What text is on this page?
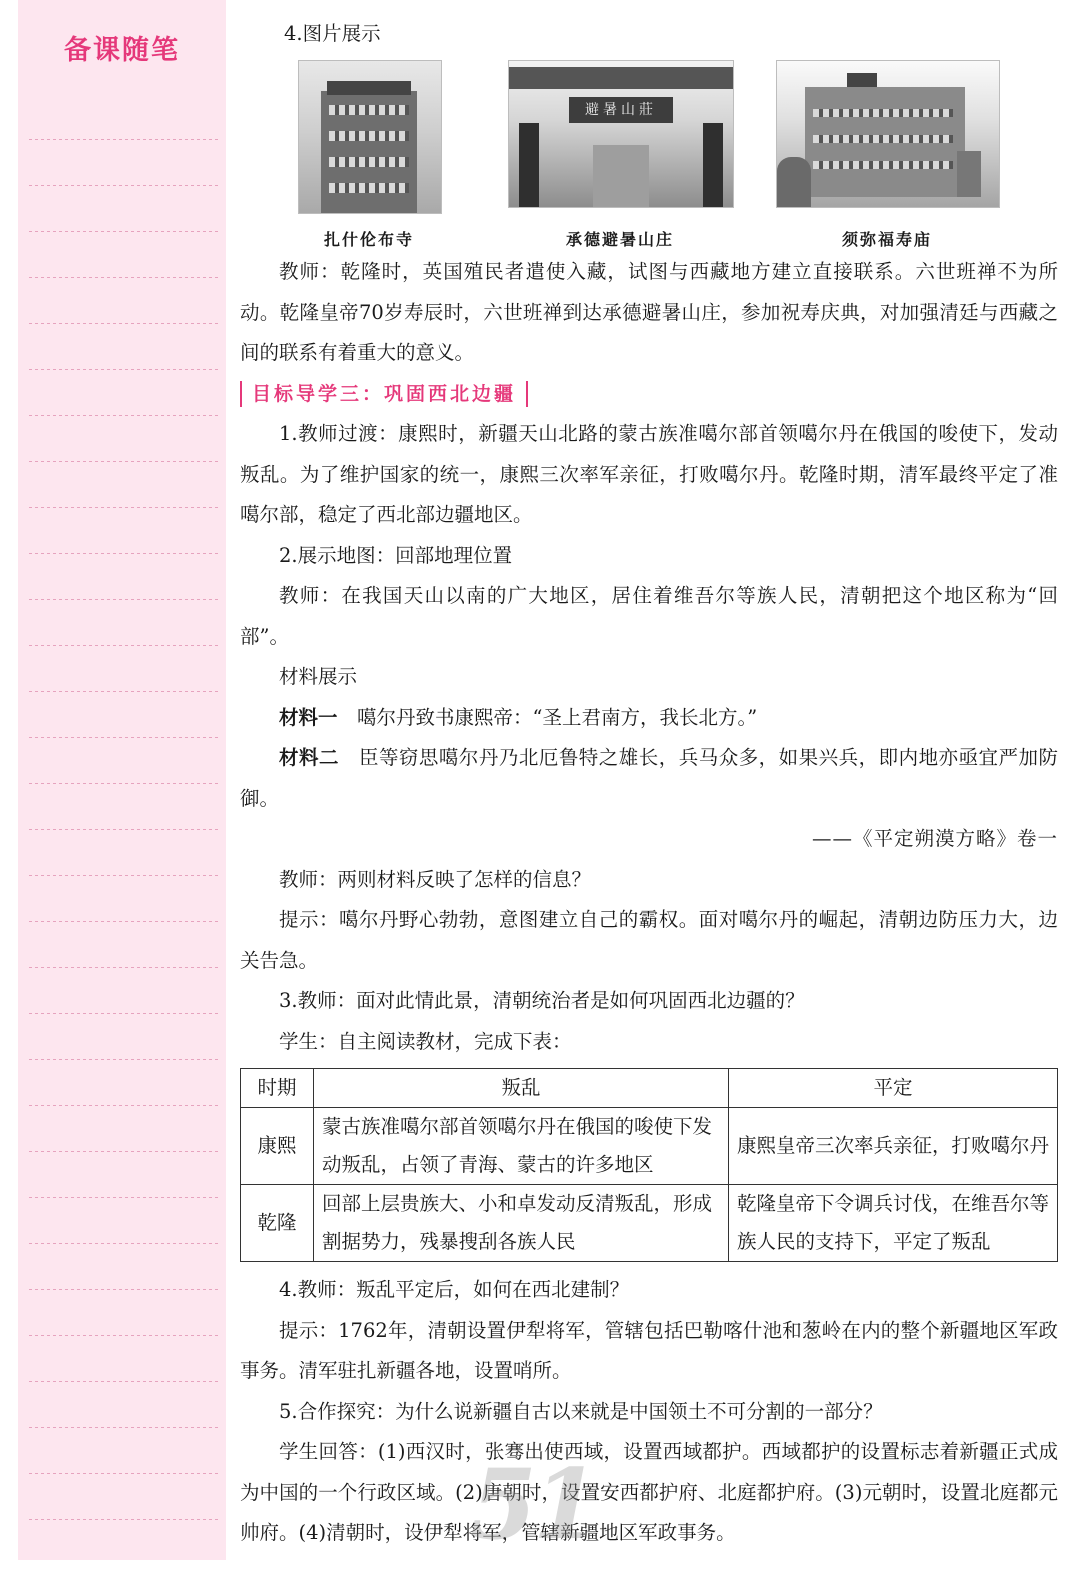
备课随笔
4.图片展示
扎什伦布寺
避暑山莊
承德避暑山庄	须弥福寿庙

教师：乾隆时，英国殖民者遣使入藏，试图与西藏地方建立直接联系。六世班禅不为所动。乾隆皇帝70岁寿辰时，六世班禅到达承德避暑山庄，参加祝寿庆典，对加强清廷与西藏之间的联系有着重大的意义。

目标导学三：巩固西北边疆

1.教师过渡：康熙时，新疆天山北路的蒙古族准噶尔部首领噶尔丹在俄国的唆使下，发动叛乱。为了维护国家的统一，康熙三次率军亲征，打败噶尔丹。乾隆时期，清军最终平定了准噶尔部，稳定了西北部边疆地区。

2.展示地图：回部地理位置

教师：在我国天山以南的广大地区，居住着维吾尔等族人民，清朝把这个地区称为“回部”。

材料展示

材料一  噶尔丹致书康熙帝：“圣上君南方，我长北方。”

材料二  臣等窃思噶尔丹乃北厄鲁特之雄长，兵马众多，如果兴兵，即内地亦亟宜严加防御。

——《平定朔漠方略》卷一

教师：两则材料反映了怎样的信息？

提示：噶尔丹野心勃勃，意图建立自己的霸权。面对噶尔丹的崛起，清朝边防压力大，边关告急。

3.教师：面对此情此景，清朝统治者是如何巩固西北边疆的？

学生：自主阅读教材，完成下表：

时期	叛乱	平定
康熙	蒙古族准噶尔部首领噶尔丹在俄国的唆使下发动叛乱，占领了青海、蒙古的许多地区	康熙皇帝三次率兵亲征，打败噶尔丹
乾隆	回部上层贵族大、小和卓发动反清叛乱，形成割据势力，残暴搜刮各族人民	乾隆皇帝下令调兵讨伐，在维吾尔等族人民的支持下，平定了叛乱

4.教师：叛乱平定后，如何在西北建制？

提示：1762年，清朝设置伊犁将军，管辖包括巴勒喀什池和葱岭在内的整个新疆地区军政事务。清军驻扎新疆各地，设置哨所。

5.合作探究：为什么说新疆自古以来就是中国领土不可分割的一部分？

学生回答：(1)西汉时，张骞出使西域，设置西域都护。西域都护的设置标志着新疆正式成为中国的一个行政区域。(2)唐朝时，设置安西都护府、北庭都护府。(3)元朝时，设置北庭都元帅府。(4)清朝时，设伊犁将军，管辖新疆地区军政事务。

51
